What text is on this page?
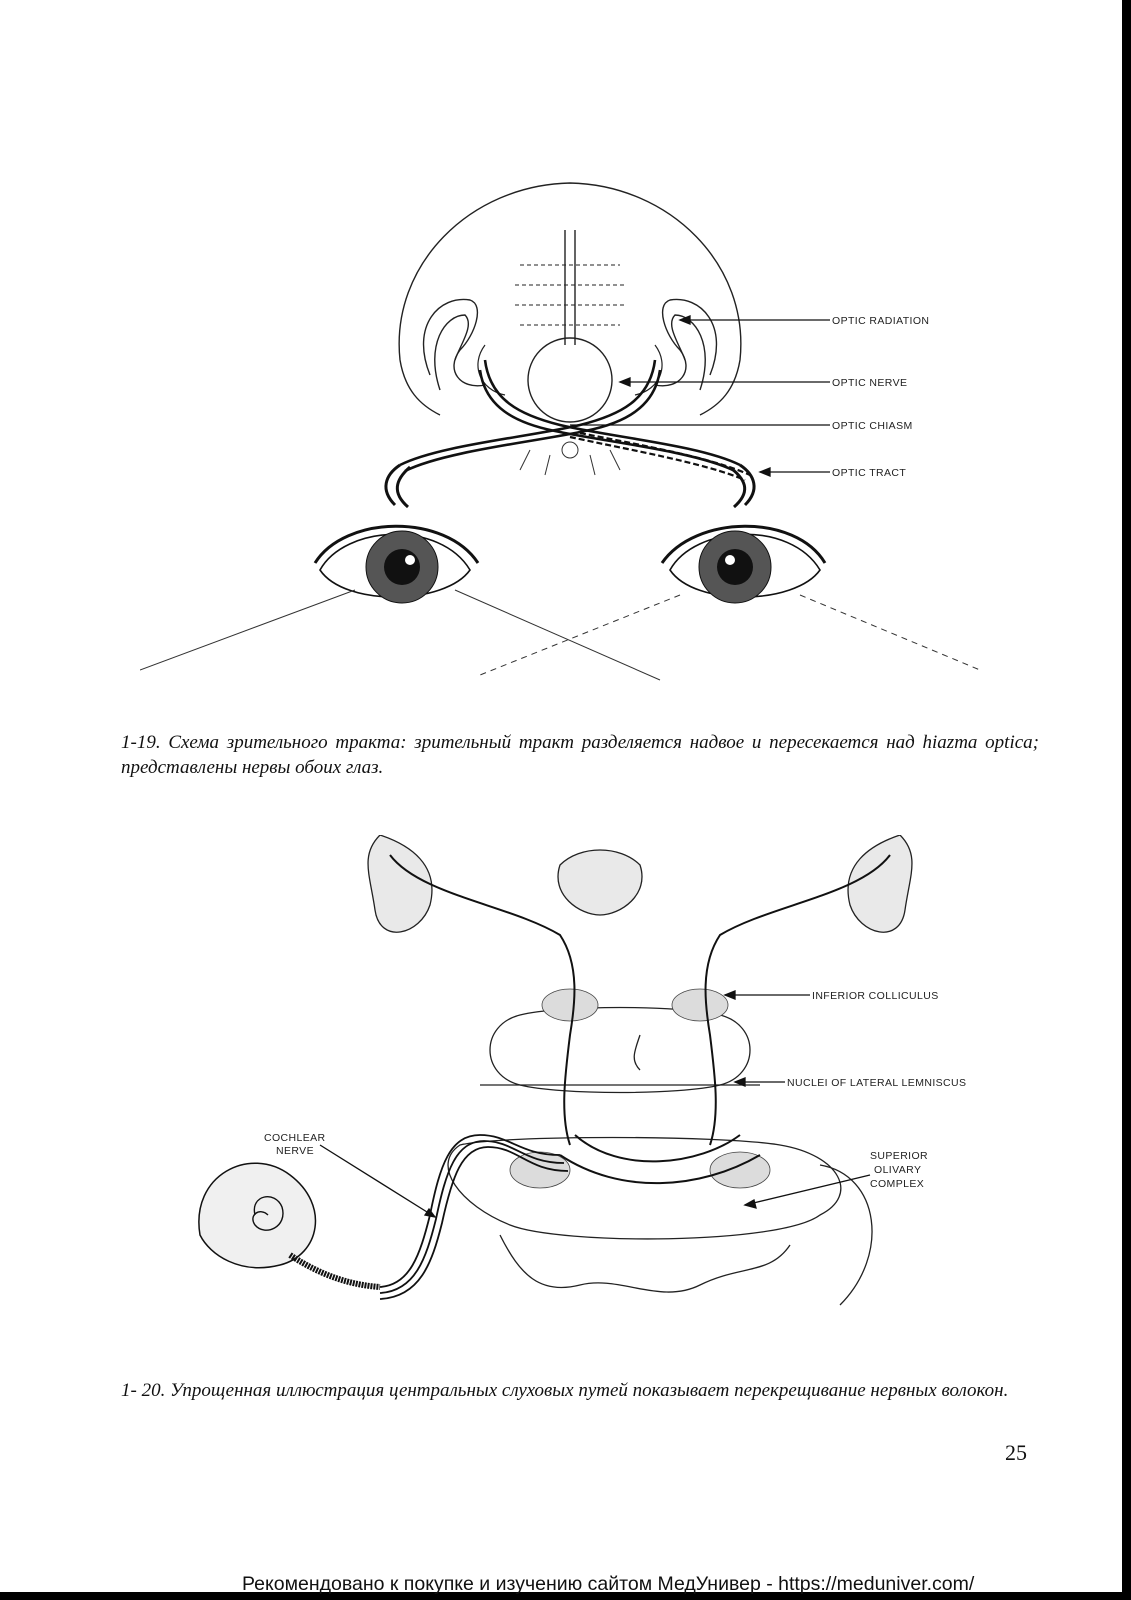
OPTIC RADIATION
OPTIC NERVE
OPTIC CHIASM
OPTIC TRACT
1-19. Схема зрительного тракта: зрительный тракт разделяется надвое и пересекается над hiazma optica; представлены нервы обоих глаз.
INFERIOR COLLICULUS
NUCLEI OF LATERAL LEMNISCUS
COCHLEAR
NERVE	SUPERIOR
OLIVARY
COMPLEX
1- 20. Упрощенная иллюстрация центральных слуховых путей показывает перекрещивание нервных волокон.
25
Рекомендовано к покупке и изучению сайтом МедУнивер - https://meduniver.com/
